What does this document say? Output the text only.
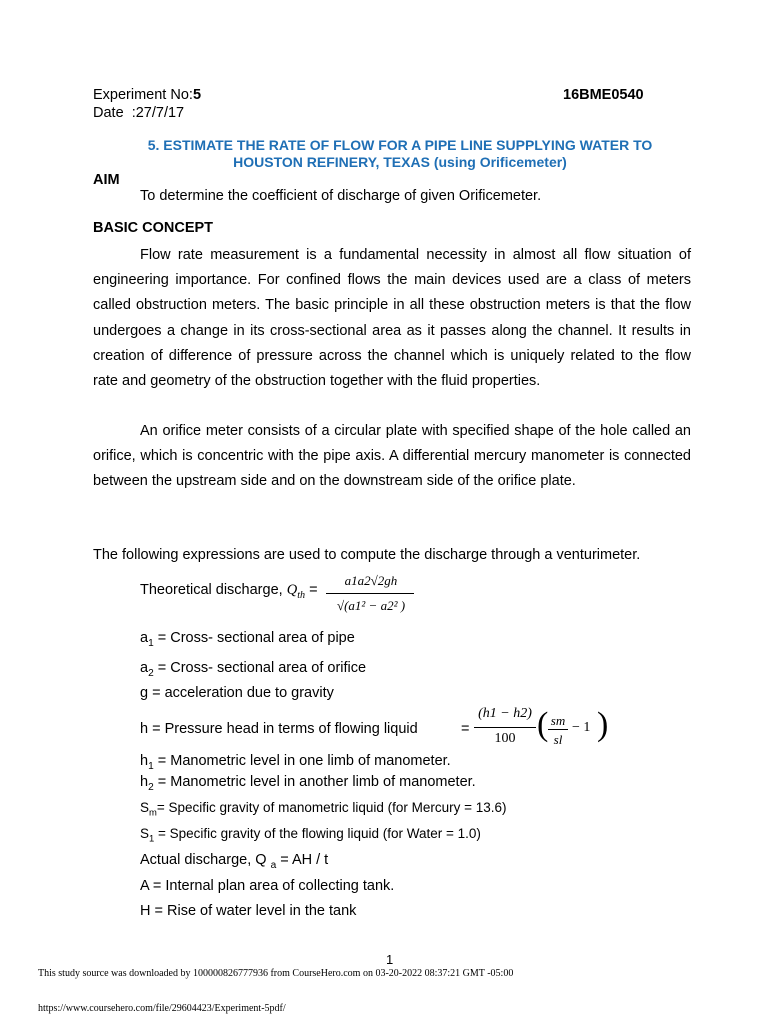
Experiment No:5	16BME0540
Date :27/7/17
5. ESTIMATE THE RATE OF FLOW FOR A PIPE LINE SUPPLYING WATER TO
HOUSTON REFINERY, TEXAS (using Orificemeter)
AIM
To determine the coefficient of discharge of given Orificemeter.
BASIC CONCEPT

Flow rate measurement is a fundamental necessity in almost all flow situation of engineering importance. For confined flows the main devices used are a class of meters called obstruction meters. The basic principle in all these obstruction meters is that the flow undergoes a change in its cross-sectional area as it passes along the channel. It results in creation of difference of pressure across the channel which is uniquely related to the flow rate and geometry of the obstruction together with the fluid properties.

An orifice meter consists of a circular plate with specified shape of the hole called an orifice, which is concentric with the pipe axis. A differential mercury manometer is connected between the upstream side and on the downstream side of the orifice plate.

The following expressions are used to compute the discharge through a venturimeter.
Theoretical discharge, $Q_{th}$ =
a1a2√2gh
√(a1² − a2² )
$a_1$ = Cross- sectional area of pipe
$a_2$ = Cross- sectional area of orifice
g = acceleration due to gravity
h = Pressure head in terms of flowing liquid	=
(h1 − h2)
100 ( sm
sl
− 1 )
$h_1$ = Manometric level in one limb of manometer.
$h_2$ = Manometric level in another limb of manometer.
$S_m=$ Specific gravity of manometric liquid (for Mercury = 13.6)
$S_1$ = Specific gravity of the flowing liquid (for Water = 1.0)
Actual discharge, Q $_a$ = AH / t
A = Internal plan area of collecting tank.
H = Rise of water level in the tank
1
This study source was downloaded by 100000826777936 from CourseHero.com on 03-20-2022 08:37:21 GMT -05:00
https://www.coursehero.com/file/29604423/Experiment-5pdf/
